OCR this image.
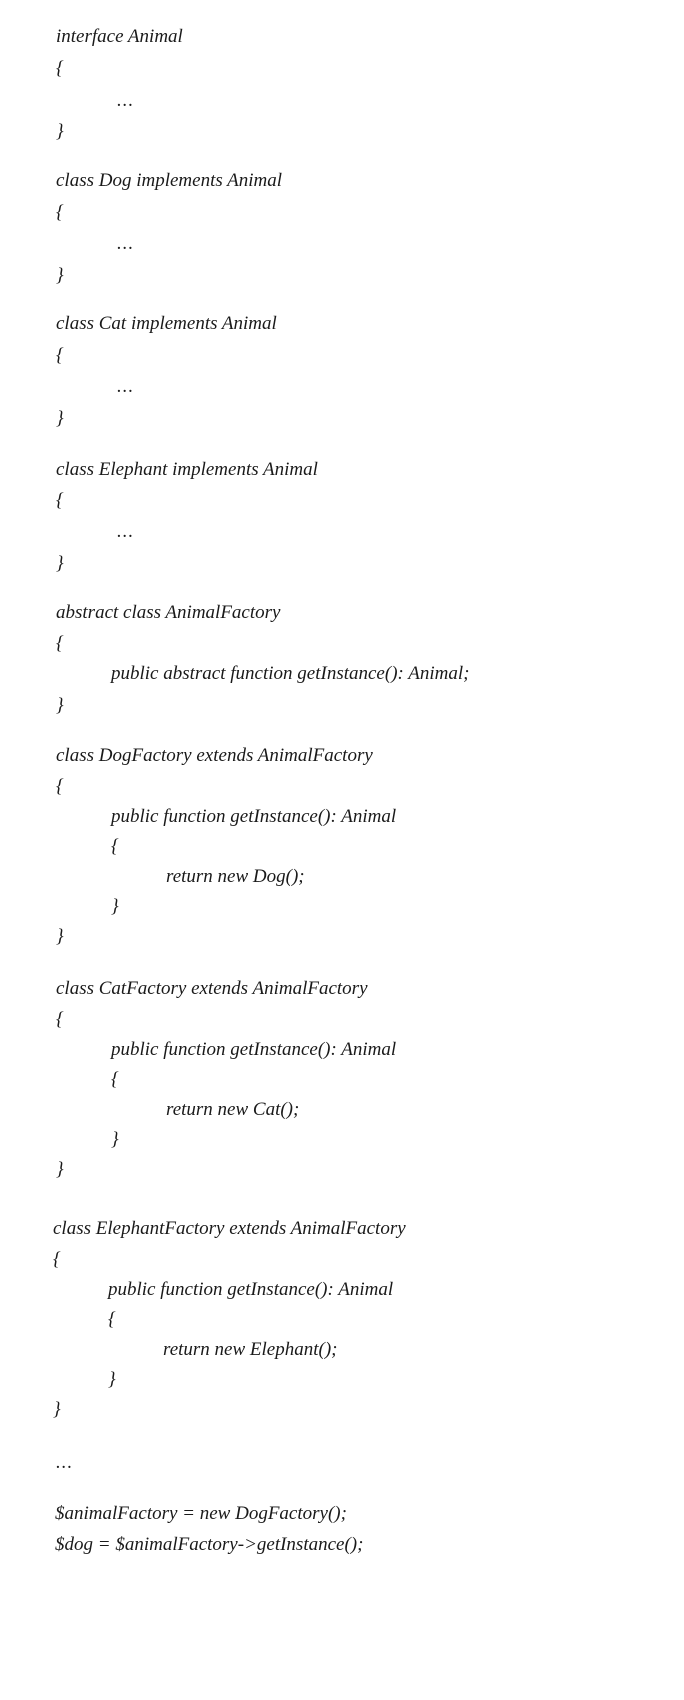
interface Animal
{
...
}
class Dog implements Animal
{
...
}
class Cat implements Animal
{
...
}
class Elephant implements Animal
{
...
}
abstract class AnimalFactory
{
public abstract function getInstance(): Animal;
}
class DogFactory extends AnimalFactory
{
public function getInstance(): Animal
{
return new Dog();
}
}
class CatFactory extends AnimalFactory
{
public function getInstance(): Animal
{
return new Cat();
}
}
class ElephantFactory extends AnimalFactory
{
public function getInstance(): Animal
{
return new Elephant();
}
}
...
$animalFactory = new DogFactory();
$dog = $animalFactory->getInstance();
